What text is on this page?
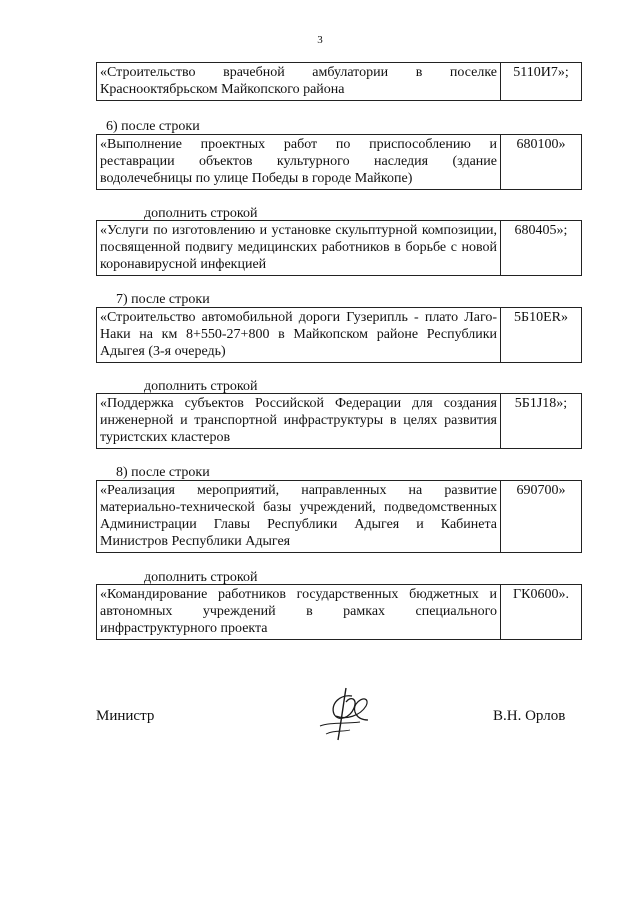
3
«Строительство врачебной амбулатории в поселке Краснооктябрьском Майкопского района
5110И7»;
6) после строки
«Выполнение проектных работ по приспособлению и реставрации объектов культурного наследия (здание водолечебницы по улице Победы в городе Майкопе)
680100»
дополнить строкой
«Услуги по изготовлению и установке скульптурной композиции, посвященной подвигу медицинских работников в борьбе с новой коронавирусной инфекцией
680405»;
7) после строки
«Строительство автомобильной дороги Гузерипль - плато Лаго-Наки на км 8+550-27+800 в Майкопском районе Республики Адыгея (3-я очередь)
5Б10ER»
дополнить строкой
«Поддержка субъектов Российской Федерации для создания инженерной и транспортной инфраструктуры в целях развития туристских кластеров
5Б1J18»;
8) после строки
«Реализация мероприятий, направленных на развитие материально-технической базы учреждений, подведомственных Администрации Главы Республики Адыгея и Кабинета Министров Республики Адыгея
690700»
дополнить строкой
«Командирование работников государственных бюджетных и автономных учреждений в рамках специального инфраструктурного проекта
ГК0600».
Министр	В.Н. Орлов
